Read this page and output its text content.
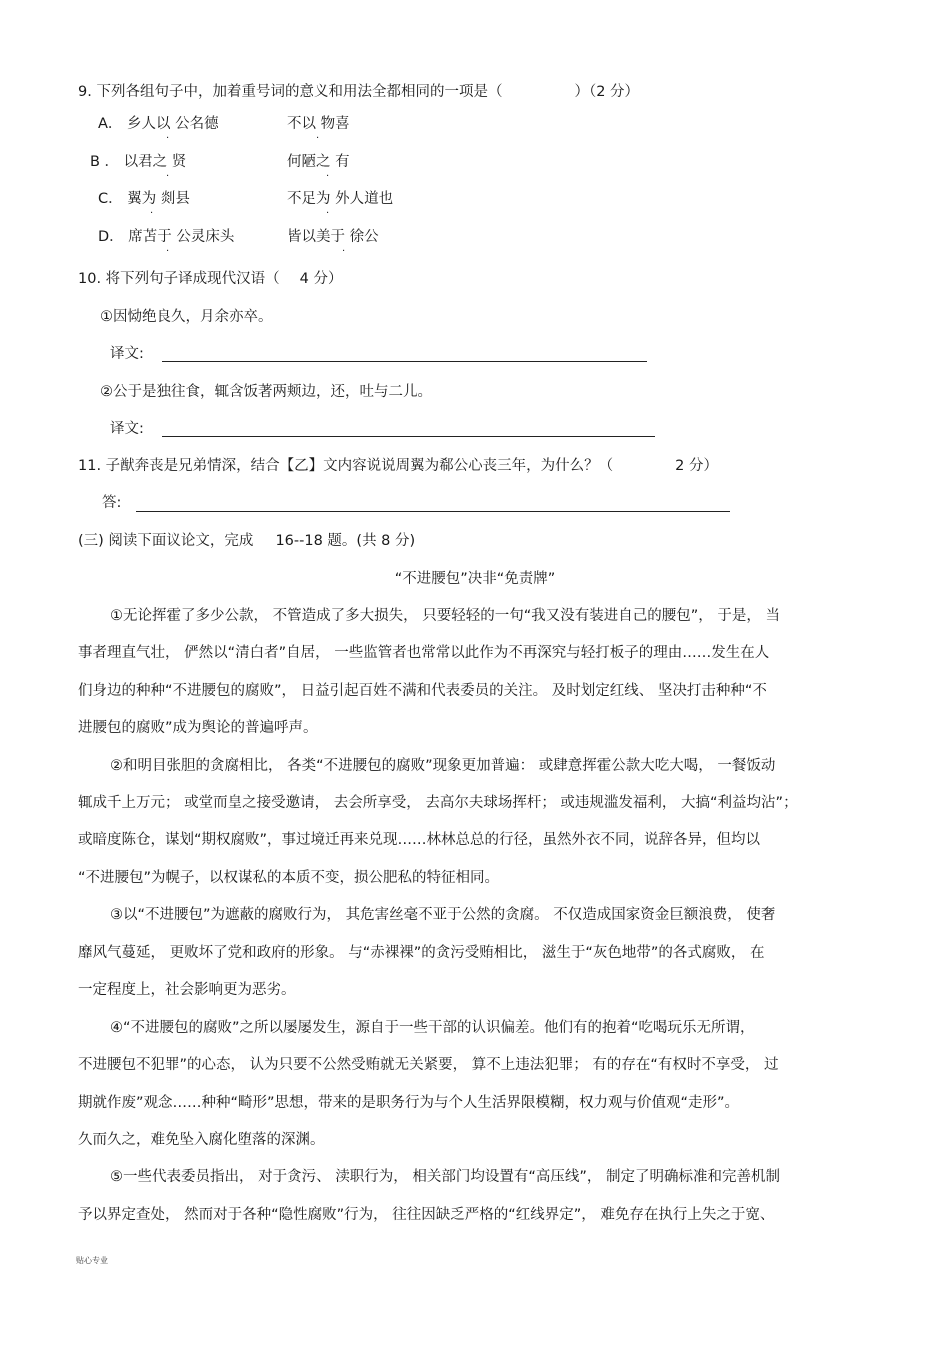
9. 下列各组句子中，加着重号词的意义和用法全都相同的一项是（	）（2 分）
A． 乡人以 公名德	不以 物喜
·	·
B ． 以君之 贤	何陋之 有
·	·
C． 翼为 剡县	不足为 外人道也
·	·
D． 席苫于 公灵床头	皆以美于 徐公
·	·
10. 将下列句子译成现代汉语（ 4 分）
①因恸绝良久，月余亦卒。
译文:
②公于是独往食，辄含饭著两颊边，还，吐与二儿。
译文:
11. 子猷奔丧是兄弟情深，结合【乙】文内容说说周翼为郗公心丧三年，为什么？（	2 分）
答:
(三) 阅读下面议论文，完成 16--18 题。(共 8 分)
“不进腰包”决非“免责牌”
①无论挥霍了多少公款， 不管造成了多大损失， 只要轻轻的一句“我又没有装进自己的腰包”， 于是， 当
事者理直气壮， 俨然以“清白者”自居， 一些监管者也常常以此作为不再深究与轻打板子的理由……发生在人
们身边的种种“不进腰包的腐败”， 日益引起百姓不满和代表委员的关注。 及时划定红线、 坚决打击种种“不
进腰包的腐败”成为舆论的普遍呼声。
②和明目张胆的贪腐相比， 各类“不进腰包的腐败”现象更加普遍： 或肆意挥霍公款大吃大喝， 一餐饭动
辄成千上万元； 或堂而皇之接受邀请， 去会所享受， 去高尔夫球场挥杆； 或违规滥发福利， 大搞“利益均沾”；
或暗度陈仓，谋划“期权腐败”，事过境迁再来兑现……林林总总的行径，虽然外衣不同，说辞各异，但均以
“不进腰包”为幌子，以权谋私的本质不变，损公肥私的特征相同。
③以“不进腰包”为遮蔽的腐败行为， 其危害丝毫不亚于公然的贪腐。 不仅造成国家资金巨额浪费， 使奢
靡风气蔓延， 更败坏了党和政府的形象。 与“赤裸裸”的贪污受贿相比， 滋生于“灰色地带”的各式腐败， 在
一定程度上，社会影响更为恶劣。
④“不进腰包的腐败”之所以屡屡发生，源自于一些干部的认识偏差。他们有的抱着“吃喝玩乐无所谓，
不进腰包不犯罪”的心态， 认为只要不公然受贿就无关紧要， 算不上违法犯罪； 有的存在“有权时不享受， 过
期就作废”观念……种种“畸形”思想，带来的是职务行为与个人生活界限模糊，权力观与价值观“走形”。
久而久之，难免坠入腐化堕落的深渊。
⑤一些代表委员指出， 对于贪污、 渎职行为， 相关部门均设置有“高压线”， 制定了明确标准和完善机制
予以界定查处， 然而对于各种“隐性腐败”行为， 往往因缺乏严格的“红线界定”， 难免存在执行上失之于宽、
贴心专业
